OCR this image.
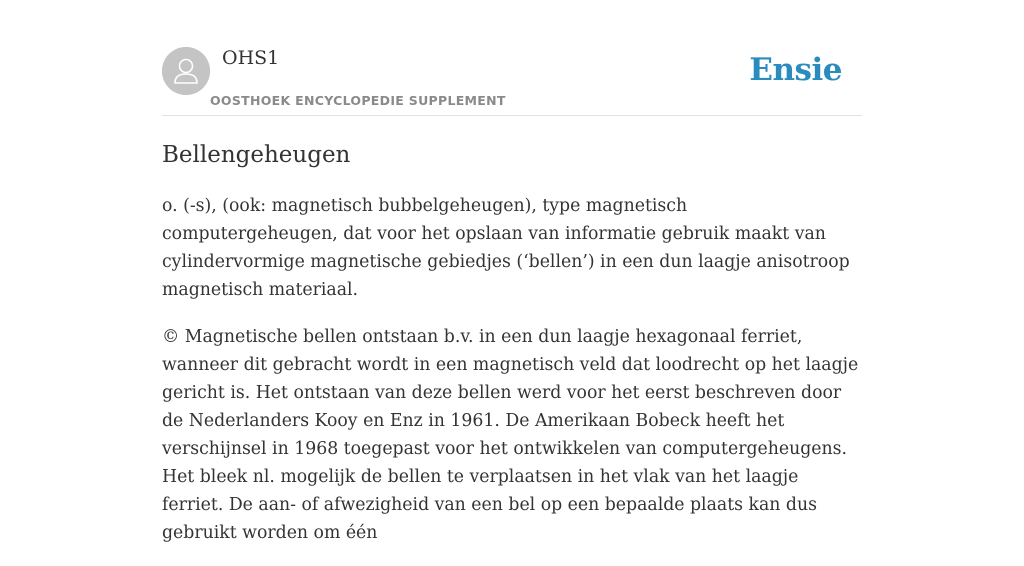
OHS1
OOSTHOEK ENCYCLOPEDIE SUPPLEMENT
Ensie
Bellengeheugen

o. (-s), (ook: magnetisch bubbelgeheugen), type magnetisch computergeheugen, dat voor het opslaan van informatie gebruik maakt van cylindervormige magnetische gebiedjes (‘bellen’) in een dun laagje anisotroop magnetisch materiaal.

© Magnetische bellen ontstaan b.v. in een dun laagje hexagonaal ferriet, wanneer dit gebracht wordt in een magnetisch veld dat loodrecht op het laagje gericht is. Het ontstaan van deze bellen werd voor het eerst beschreven door de Nederlanders Kooy en Enz in 1961. De Amerikaan Bobeck heeft het verschijnsel in 1968 toegepast voor het ontwikkelen van computergeheugens. Het bleek nl. mogelijk de bellen te verplaatsen in het vlak van het laagje ferriet. De aan- of afwezigheid van een bel op een bepaalde plaats kan dus gebruikt worden om één
